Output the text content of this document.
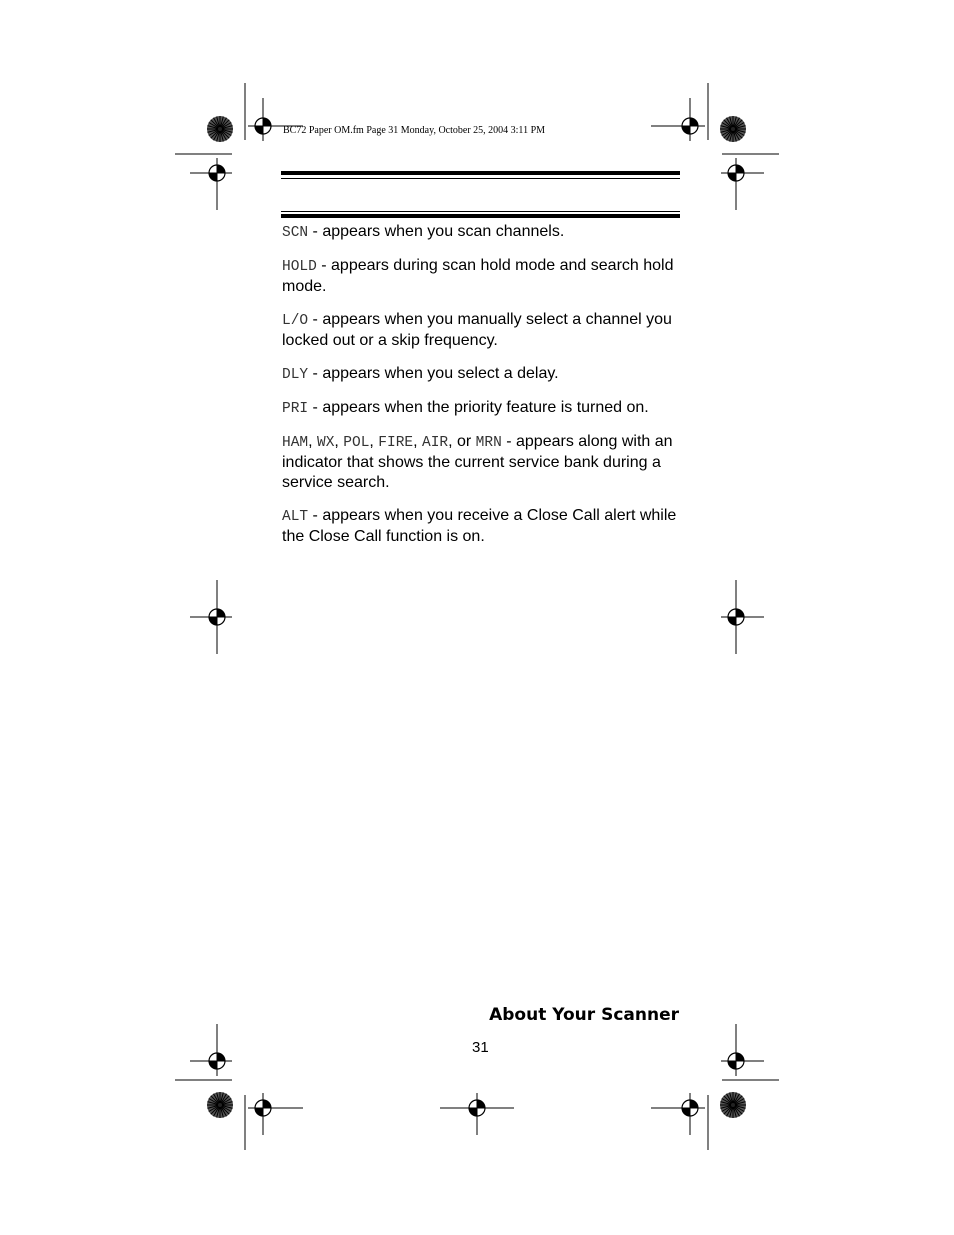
BC72 Paper OM.fm Page 31 Monday, October 25, 2004 3:11 PM

SCN - appears when you scan channels.

HOLD - appears during scan hold mode and search hold mode.

L/O - appears when you manually select a channel you locked out or a skip frequency.

DLY - appears when you select a delay.

PRI - appears when the priority feature is turned on.

HAM, WX, POL, FIRE, AIR, or MRN - appears along with an indicator that shows the current service bank during a service search.

ALT - appears when you receive a Close Call alert while the Close Call function is on.

About Your Scanner
31
